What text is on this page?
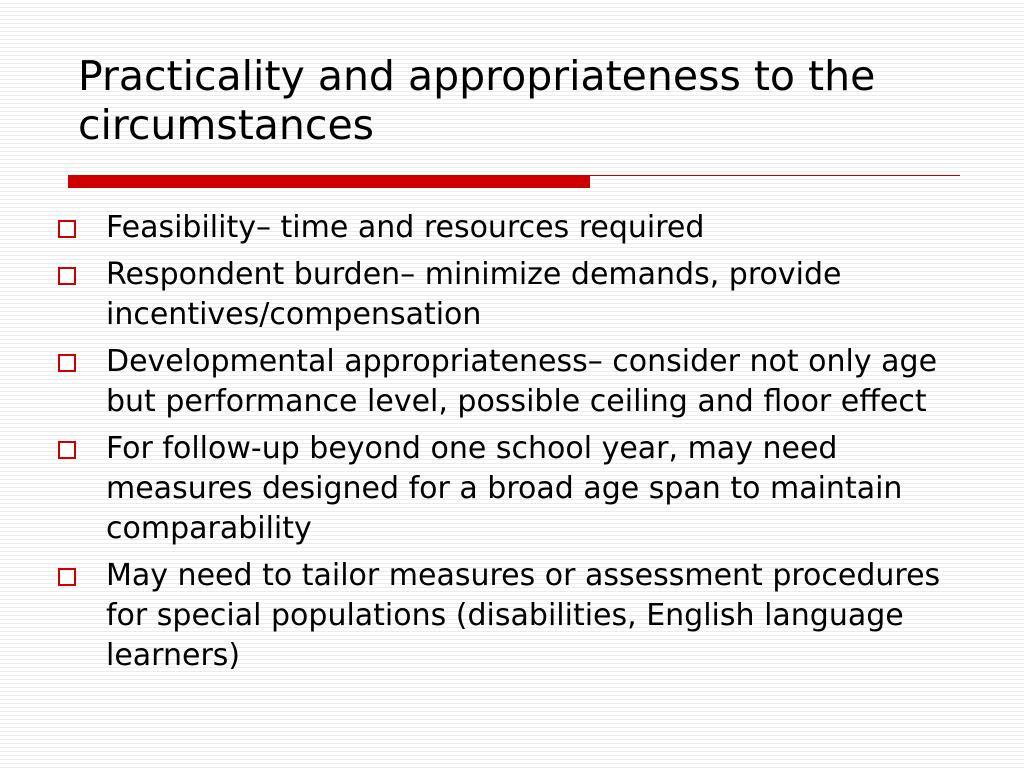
Practicality and appropriateness to the circumstances
Feasibility– time and resources required
Respondent burden– minimize demands, provide incentives/compensation
Developmental appropriateness– consider not only age but performance level, possible ceiling and floor effect
For follow-up beyond one school year, may need measures designed for a broad age span to maintain comparability
May need to tailor measures or assessment procedures for special populations (disabilities, English language learners)
